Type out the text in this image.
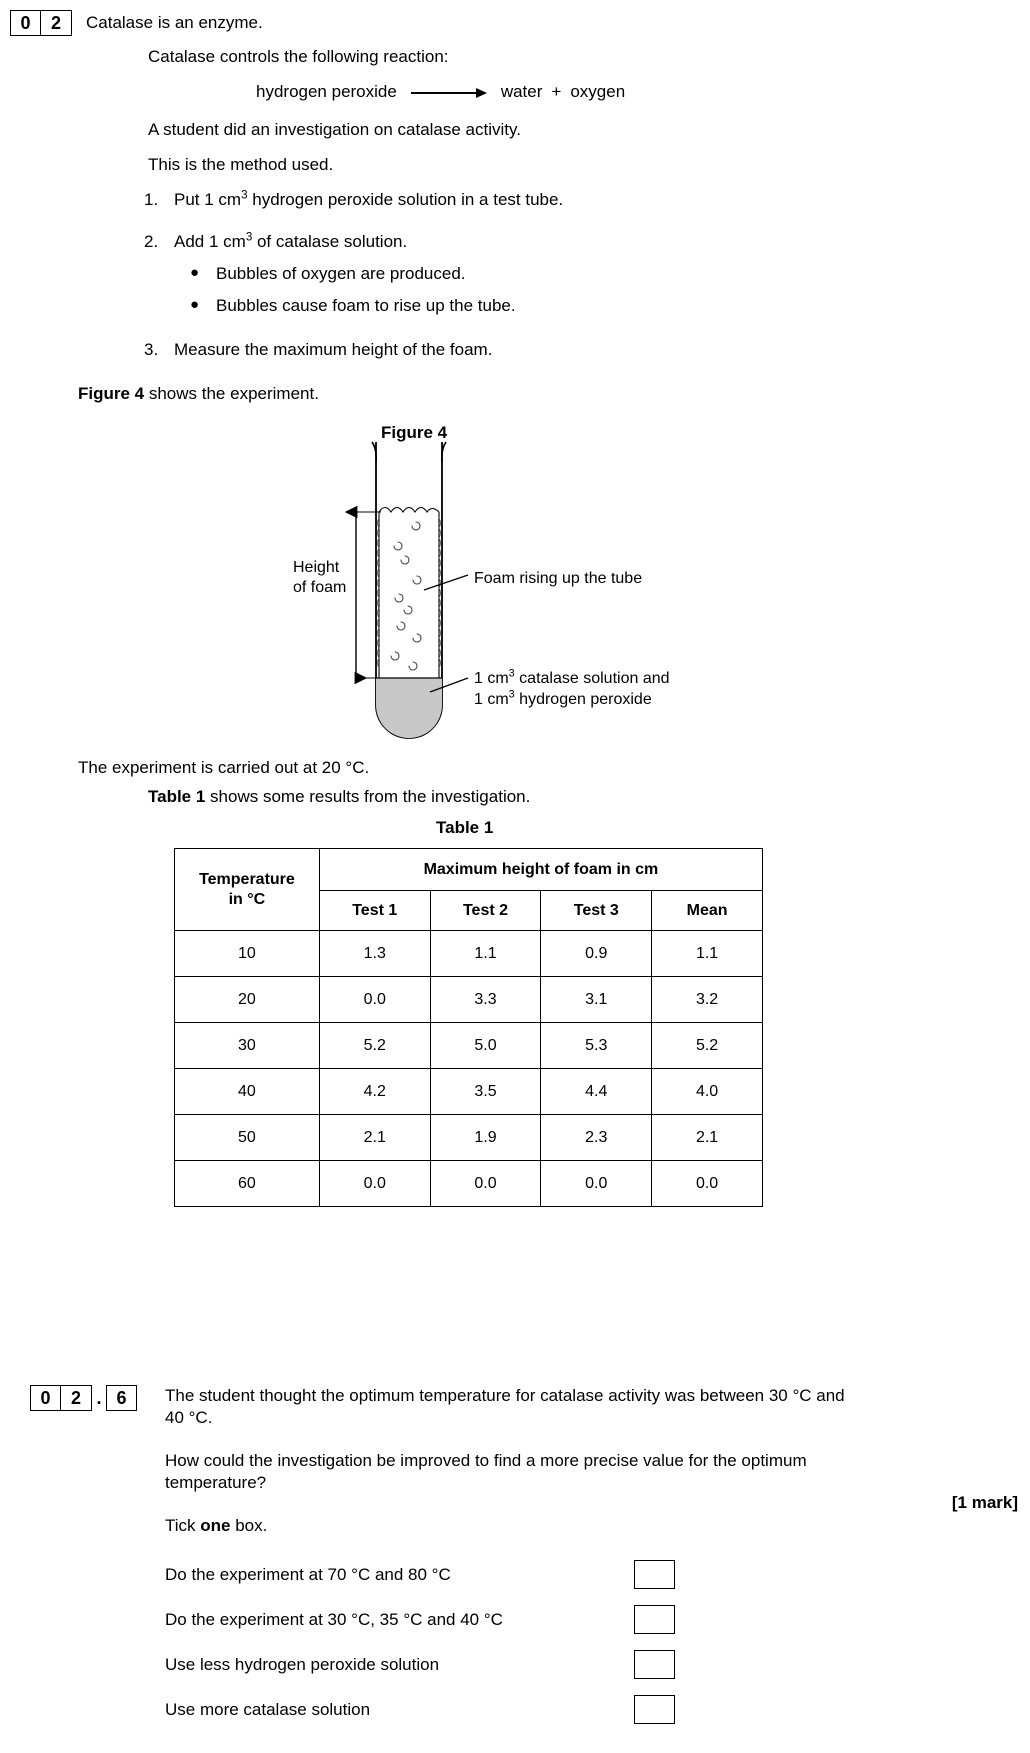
0	2	Catalase is an enzyme.
Catalase controls the following reaction:
hydrogen peroxide	water + oxygen
A student did an investigation on catalase activity.
This is the method used.
1. Put 1 $cm^3$ hydrogen peroxide solution in a test tube.
2. Add 1 $cm^3$ of catalase solution.
● Bubbles of oxygen are produced.
● Bubbles cause foam to rise up the tube.
3. Measure the maximum height of the foam.
Figure 4 shows the experiment.
Figure 4
Height
of foam
Foam rising up the tube
1 $cm^3$ catalase solution and
1 $cm^3$ hydrogen peroxide
The experiment is carried out at 20 °C.
Table 1 shows some results from the investigation.
Table 1
Temperature
in °C	Maximum height of foam in cm			
	Test 1	Test 2	Test 3	Mean
10	1.3	1.1	0.9	1.1
20	0.0	3.3	3.1	3.2
30	5.2	5.0	5.3	5.2
40	4.2	3.5	4.4	4.0
50	2.1	1.9	2.3	2.1
60	0.0	0.0	0.0	0.0
0	2 . 6	The student thought the optimum temperature for catalase activity was between 30 °C and 40 °C.

How could the investigation be improved to find a more precise value for the optimum temperature?

Tick one box.

[1 mark]
Do the experiment at 70 °C and 80 °C
Do the experiment at 30 °C, 35 °C and 40 °C
Use less hydrogen peroxide solution
Use more catalase solution
